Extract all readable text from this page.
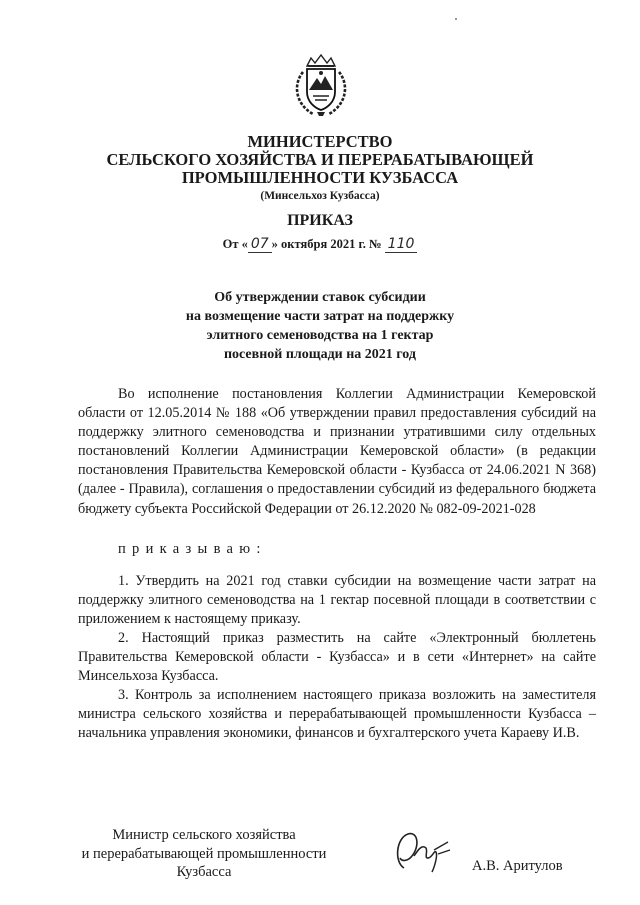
МИНИСТЕРСТВО
СЕЛЬСКОГО ХОЗЯЙСТВА И ПЕРЕРАБАТЫВАЮЩЕЙ
ПРОМЫШЛЕННОСТИ КУЗБАССА
(Минсельхоз Кузбасса)
ПРИКАЗ
От « 07 » октября 2021 г. № 110
Об утверждении ставок субсидии
на возмещение части затрат на поддержку
элитного семеноводства на 1 гектар
посевной площади на 2021 год
Во исполнение постановления Коллегии Администрации Кемеровской области от 12.05.2014 № 188 «Об утверждении правил предоставления субсидий на поддержку элитного семеноводства и признании утратившими силу отдельных постановлений Коллегии Администрации Кемеровской области» (в редакции постановления Правительства Кемеровской области - Кузбасса от 24.06.2021 N 368) (далее - Правила), соглашения о предоставлении субсидий из федерального бюджета бюджету субъекта Российской Федерации от 26.12.2020 № 082-09-2021-028
приказываю:
1. Утвердить на 2021 год ставки субсидии на возмещение части затрат на поддержку элитного семеноводства на 1 гектар посевной площади в соответствии с приложением к настоящему приказу.
2. Настоящий приказ разместить на сайте «Электронный бюллетень Правительства Кемеровской области - Кузбасса» и в сети «Интернет» на сайте Минсельхоза Кузбасса.
3. Контроль за исполнением настоящего приказа возложить на заместителя министра сельского хозяйства и перерабатывающей промышленности Кузбасса – начальника управления экономики, финансов и бухгалтерского учета Караеву И.В.
Министр сельского хозяйства
и перерабатывающей промышленности
Кузбасса	А.В. Аритулов
